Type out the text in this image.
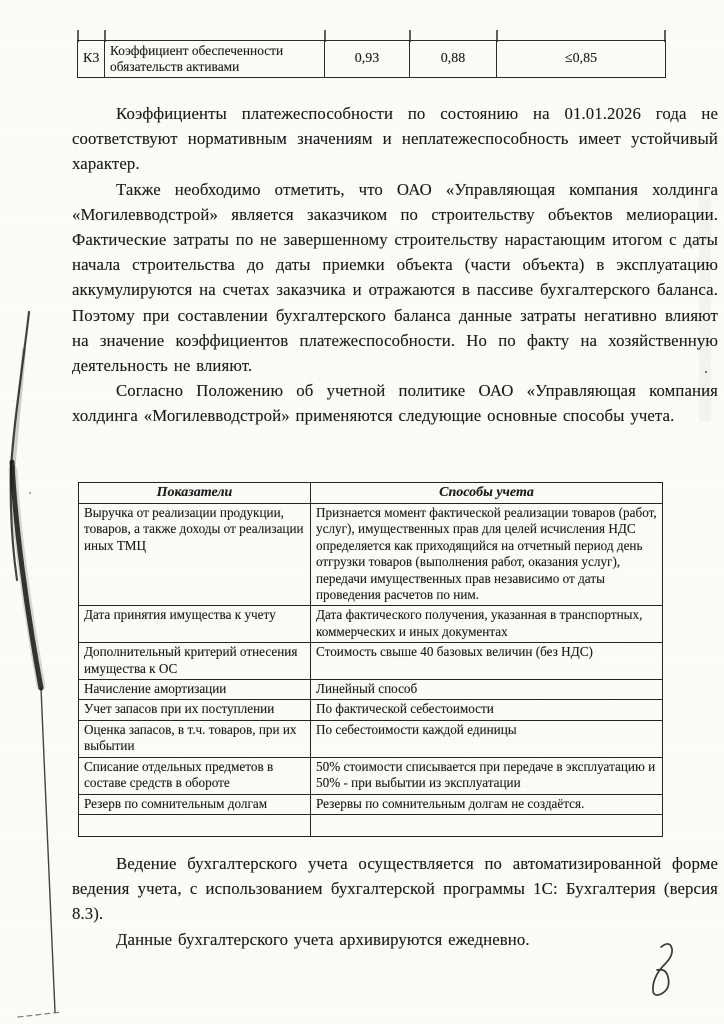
К3	Коэффициент обеспеченности обязательств активами	0,93	0,88	≤0,85

Коэффициенты платежеспособности по состоянию на 01.01.2026 года не соответствуют нормативным значениям и неплатежеспособность имеет устойчивый характер.

Также необходимо отметить, что ОАО «Управляющая компания холдинга «Могилевводстрой» является заказчиком по строительству объектов мелиорации. Фактические затраты по не завершенному строительству нарастающим итогом с даты начала строительства до даты приемки объекта (части объекта) в эксплуатацию аккумулируются на счетах заказчика и отражаются в пассиве бухгалтерского баланса. Поэтому при составлении бухгалтерского баланса данные затраты негативно влияют на значение коэффициентов платежеспособности. Но по факту на хозяйственную деятельность не влияют.

Согласно Положению об учетной политике ОАО «Управляющая компания холдинга «Могилевводстрой» применяются следующие основные способы учета.

Показатели	Способы учета
Выручка от реализации продукции, товаров, а также доходы от реализации иных ТМЦ	Признается момент фактической реализации товаров (работ, услуг), имущественных прав для целей исчисления НДС определяется как приходящийся на отчетный период день отгрузки товаров (выполнения работ, оказания услуг), передачи имущественных прав независимо от даты проведения расчетов по ним.
Дата принятия имущества к учету	Дата фактического получения, указанная в транспортных, коммерческих и иных документах
Дополнительный критерий отнесения имущества к ОС	Стоимость свыше 40 базовых величин (без НДС)
Начисление амортизации	Линейный способ
Учет запасов при их поступлении	По фактической себестоимости
Оценка запасов, в т.ч. товаров, при их выбытии	По себестоимости каждой единицы
Списание отдельных предметов в составе средств в обороте	50% стоимости списывается при передаче в эксплуатацию и 50% - при выбытии из эксплуатации
Резерв по сомнительным долгам	Резервы по сомнительным долгам не создаётся.

Ведение бухгалтерского учета осуществляется по автоматизированной форме ведения учета, с использованием бухгалтерской программы 1С: Бухгалтерия (версия 8.3).

Данные бухгалтерского учета архивируются ежедневно.
